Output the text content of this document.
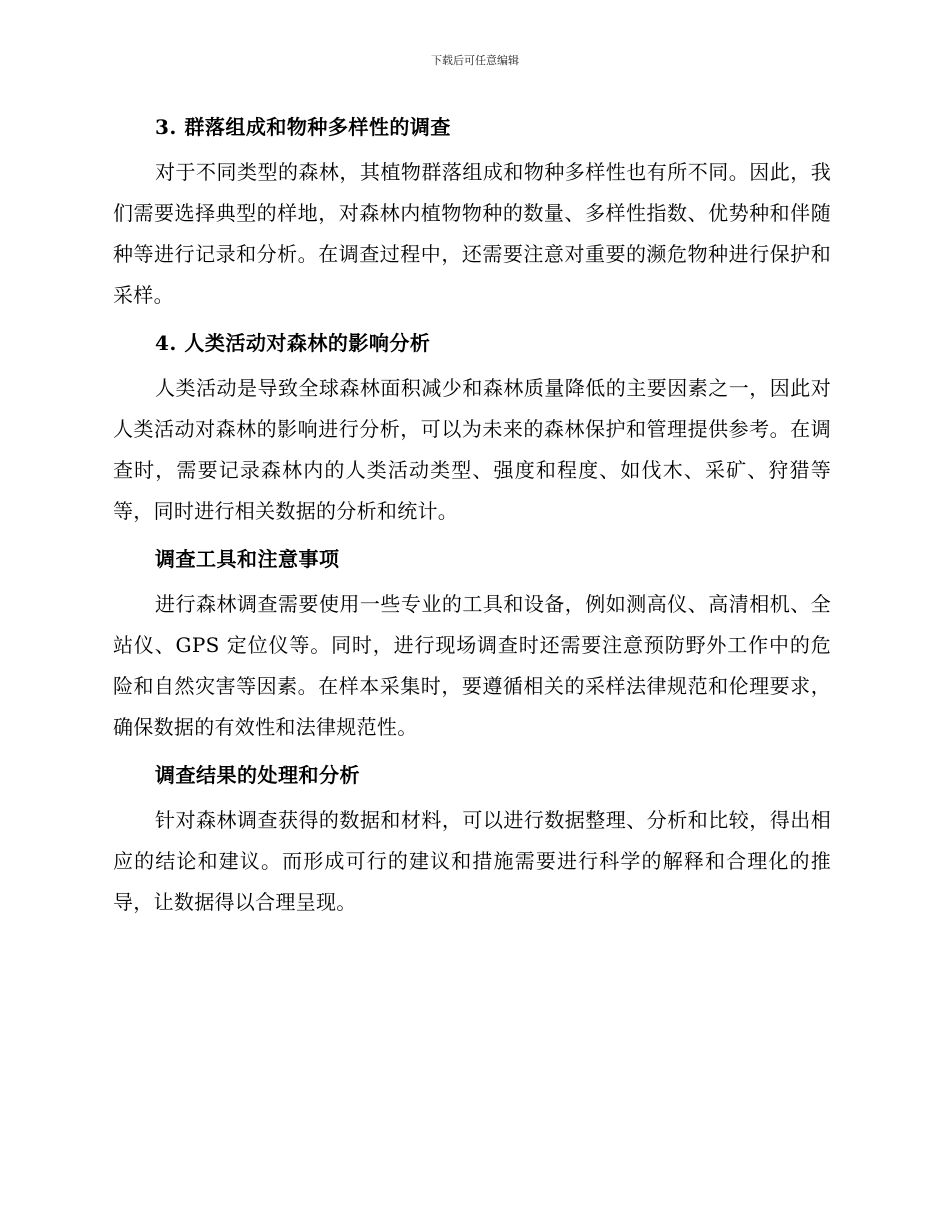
下载后可任意编辑
3. 群落组成和物种多样性的调查

对于不同类型的森林，其植物群落组成和物种多样性也有所不同。因此，我们需要选择典型的样地，对森林内植物物种的数量、多样性指数、优势种和伴随种等进行记录和分析。在调查过程中，还需要注意对重要的濒危物种进行保护和采样。

4. 人类活动对森林的影响分析

人类活动是导致全球森林面积减少和森林质量降低的主要因素之一，因此对人类活动对森林的影响进行分析，可以为未来的森林保护和管理提供参考。在调查时，需要记录森林内的人类活动类型、强度和程度、如伐木、采矿、狩猎等等，同时进行相关数据的分析和统计。

调查工具和注意事项

进行森林调查需要使用一些专业的工具和设备，例如测高仪、高清相机、全站仪、GPS 定位仪等。同时，进行现场调查时还需要注意预防野外工作中的危险和自然灾害等因素。在样本采集时，要遵循相关的采样法律规范和伦理要求，确保数据的有效性和法律规范性。

调查结果的处理和分析

针对森林调查获得的数据和材料，可以进行数据整理、分析和比较，得出相应的结论和建议。而形成可行的建议和措施需要进行科学的解释和合理化的推导，让数据得以合理呈现。
